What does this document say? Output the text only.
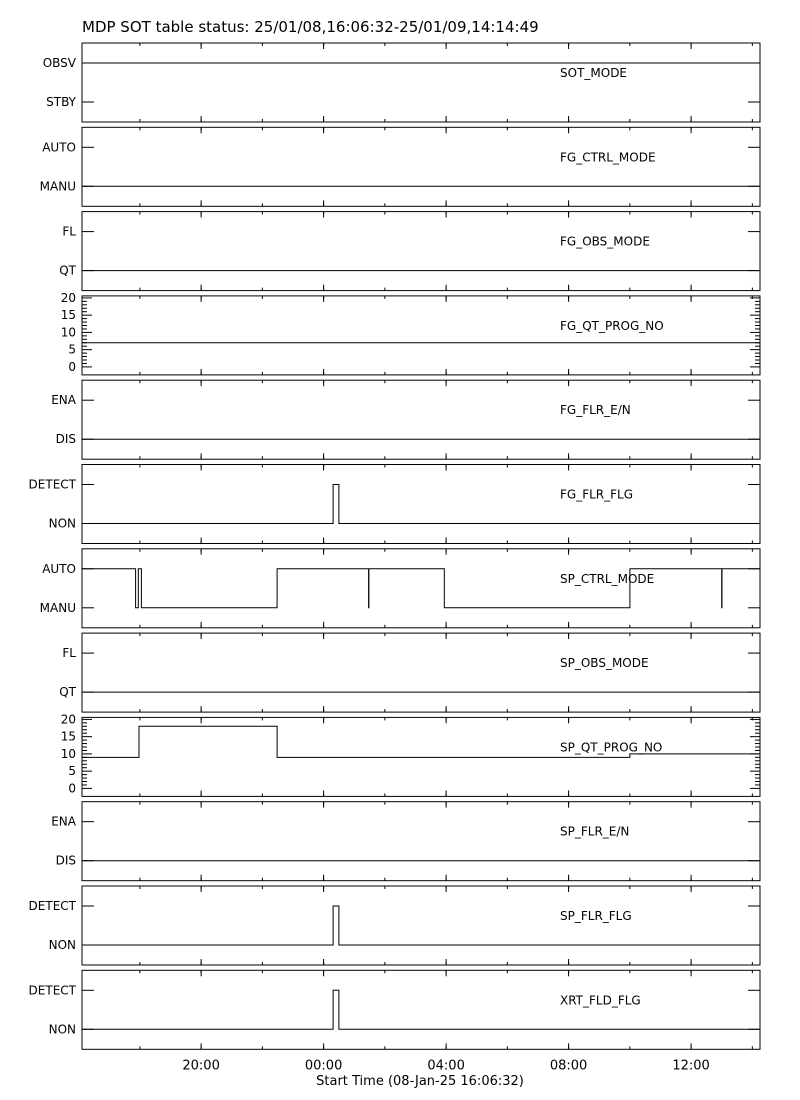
MDP SOT table status: 25/01/08,16:06:32-25/01/09,14:14:49
STBY
OBSV
SOT_MODE
MANU
AUTO
FG_CTRL_MODE
QT
FL
FG_OBS_MODE
0
5
10
15
20
FG_QT_PROG_NO
DIS
ENA
FG_FLR_E/N
NON
DETECT
FG_FLR_FLG
MANU
AUTO
SP_CTRL_MODE
QT
FL
SP_OBS_MODE
0
5
10
15
20
SP_QT_PROG_NO
DIS
ENA
SP_FLR_E/N
NON
DETECT
SP_FLR_FLG
NON
DETECT
XRT_FLD_FLG
20:00	00:00	04:00	08:00	12:00
Start Time (08-Jan-25 16:06:32)
